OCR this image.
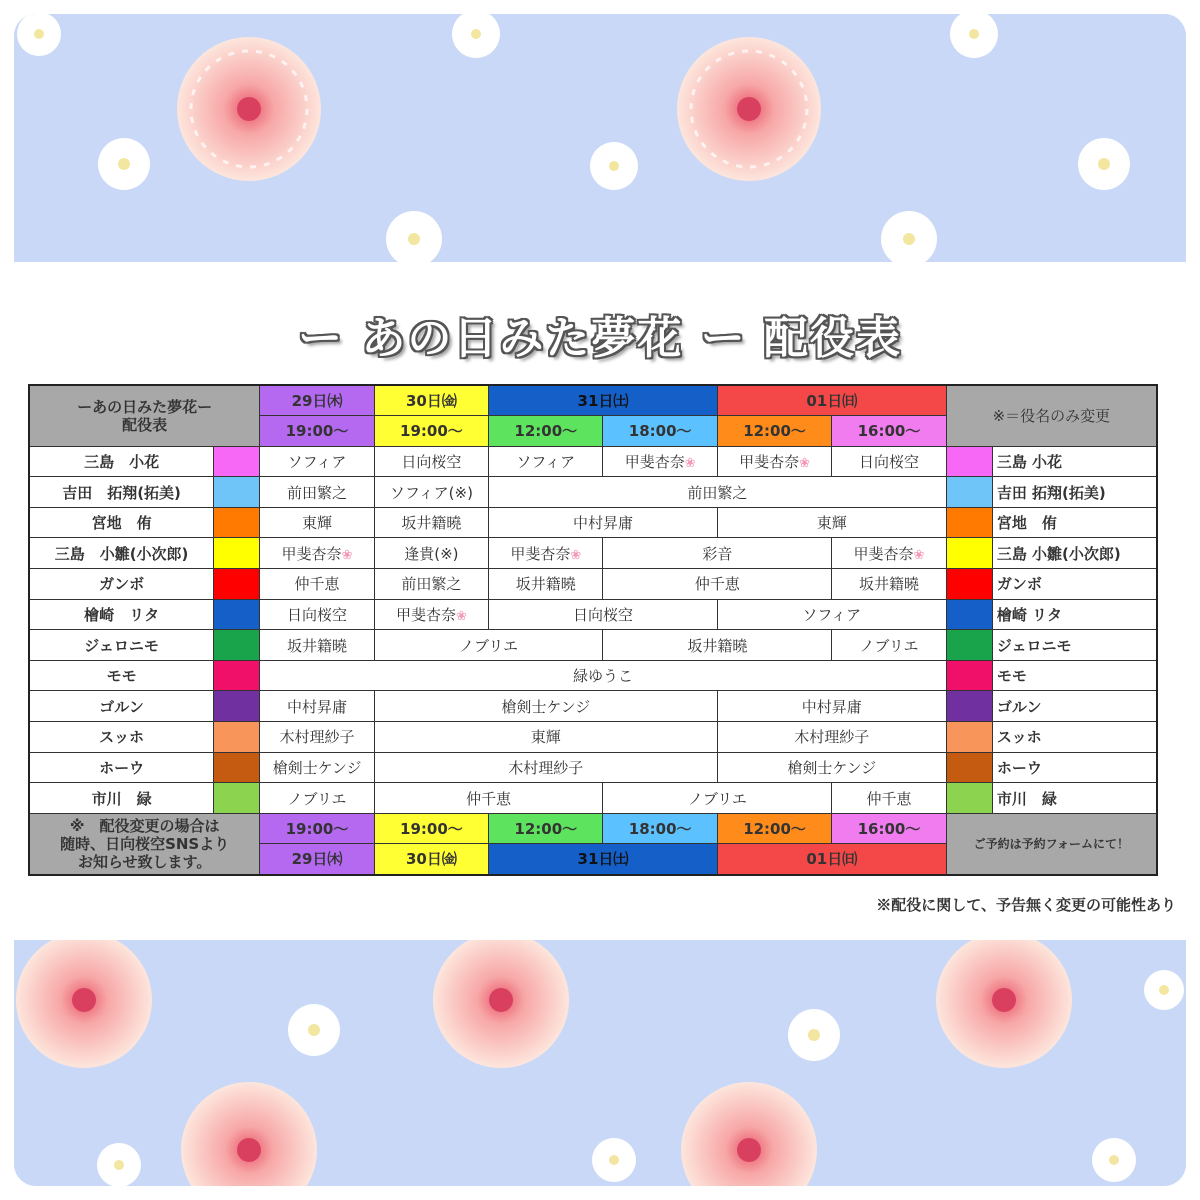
ー あの日みた夢花 ー 配役表
ーあの日みた夢花ー
配役表		29日㈭	30日㈮	31日㈯		01日㈰		※＝役名のみ変更	
		19:00～	19:00～	12:00～	18:00～	12:00～	16:00～		
三島　小花		ソフィア	日向桜空	ソフィア	甲斐杏奈❀	甲斐杏奈❀	日向桜空		三島 小花
吉田　拓翔(拓美)		前田繁之	ソフィア(※)	前田繁之					吉田 拓翔(拓美)
宮地　侑		東輝	坂井籍曉	中村昇庸		東輝			宮地　侑
三島　小雛(小次郎)		甲斐杏奈❀	逢貴(※)	甲斐杏奈❀	彩音		甲斐杏奈❀		三島 小雛(小次郎)
ガンボ		仲千恵	前田繁之	坂井籍曉	仲千恵		坂井籍曉		ガンボ
檜崎　リタ		日向桜空	甲斐杏奈❀	日向桜空		ソフィア			檜崎 リタ
ジェロニモ		坂井籍曉	ノブリエ		坂井籍曉		ノブリエ		ジェロニモ
モモ		緑ゆうこ							モモ
ゴルン		中村昇庸	槍剣士ケンジ			中村昇庸			ゴルン
スッホ		木村理紗子	東輝			木村理紗子			スッホ
ホーウ		槍剣士ケンジ	木村理紗子			槍剣士ケンジ			ホーウ
市川　緑		ノブリエ	仲千恵		ノブリエ		仲千恵		市川　緑

※　配役変更の場合は
随時、日向桜空SNSより
お知らせ致します。		19:00～	19:00～	12:00～	18:00～	12:00～	16:00～	ご予約は予約フォームにて！	
		29日㈭	30日㈮	31日㈯		01日㈰			
※配役に関して、予告無く変更の可能性あり
